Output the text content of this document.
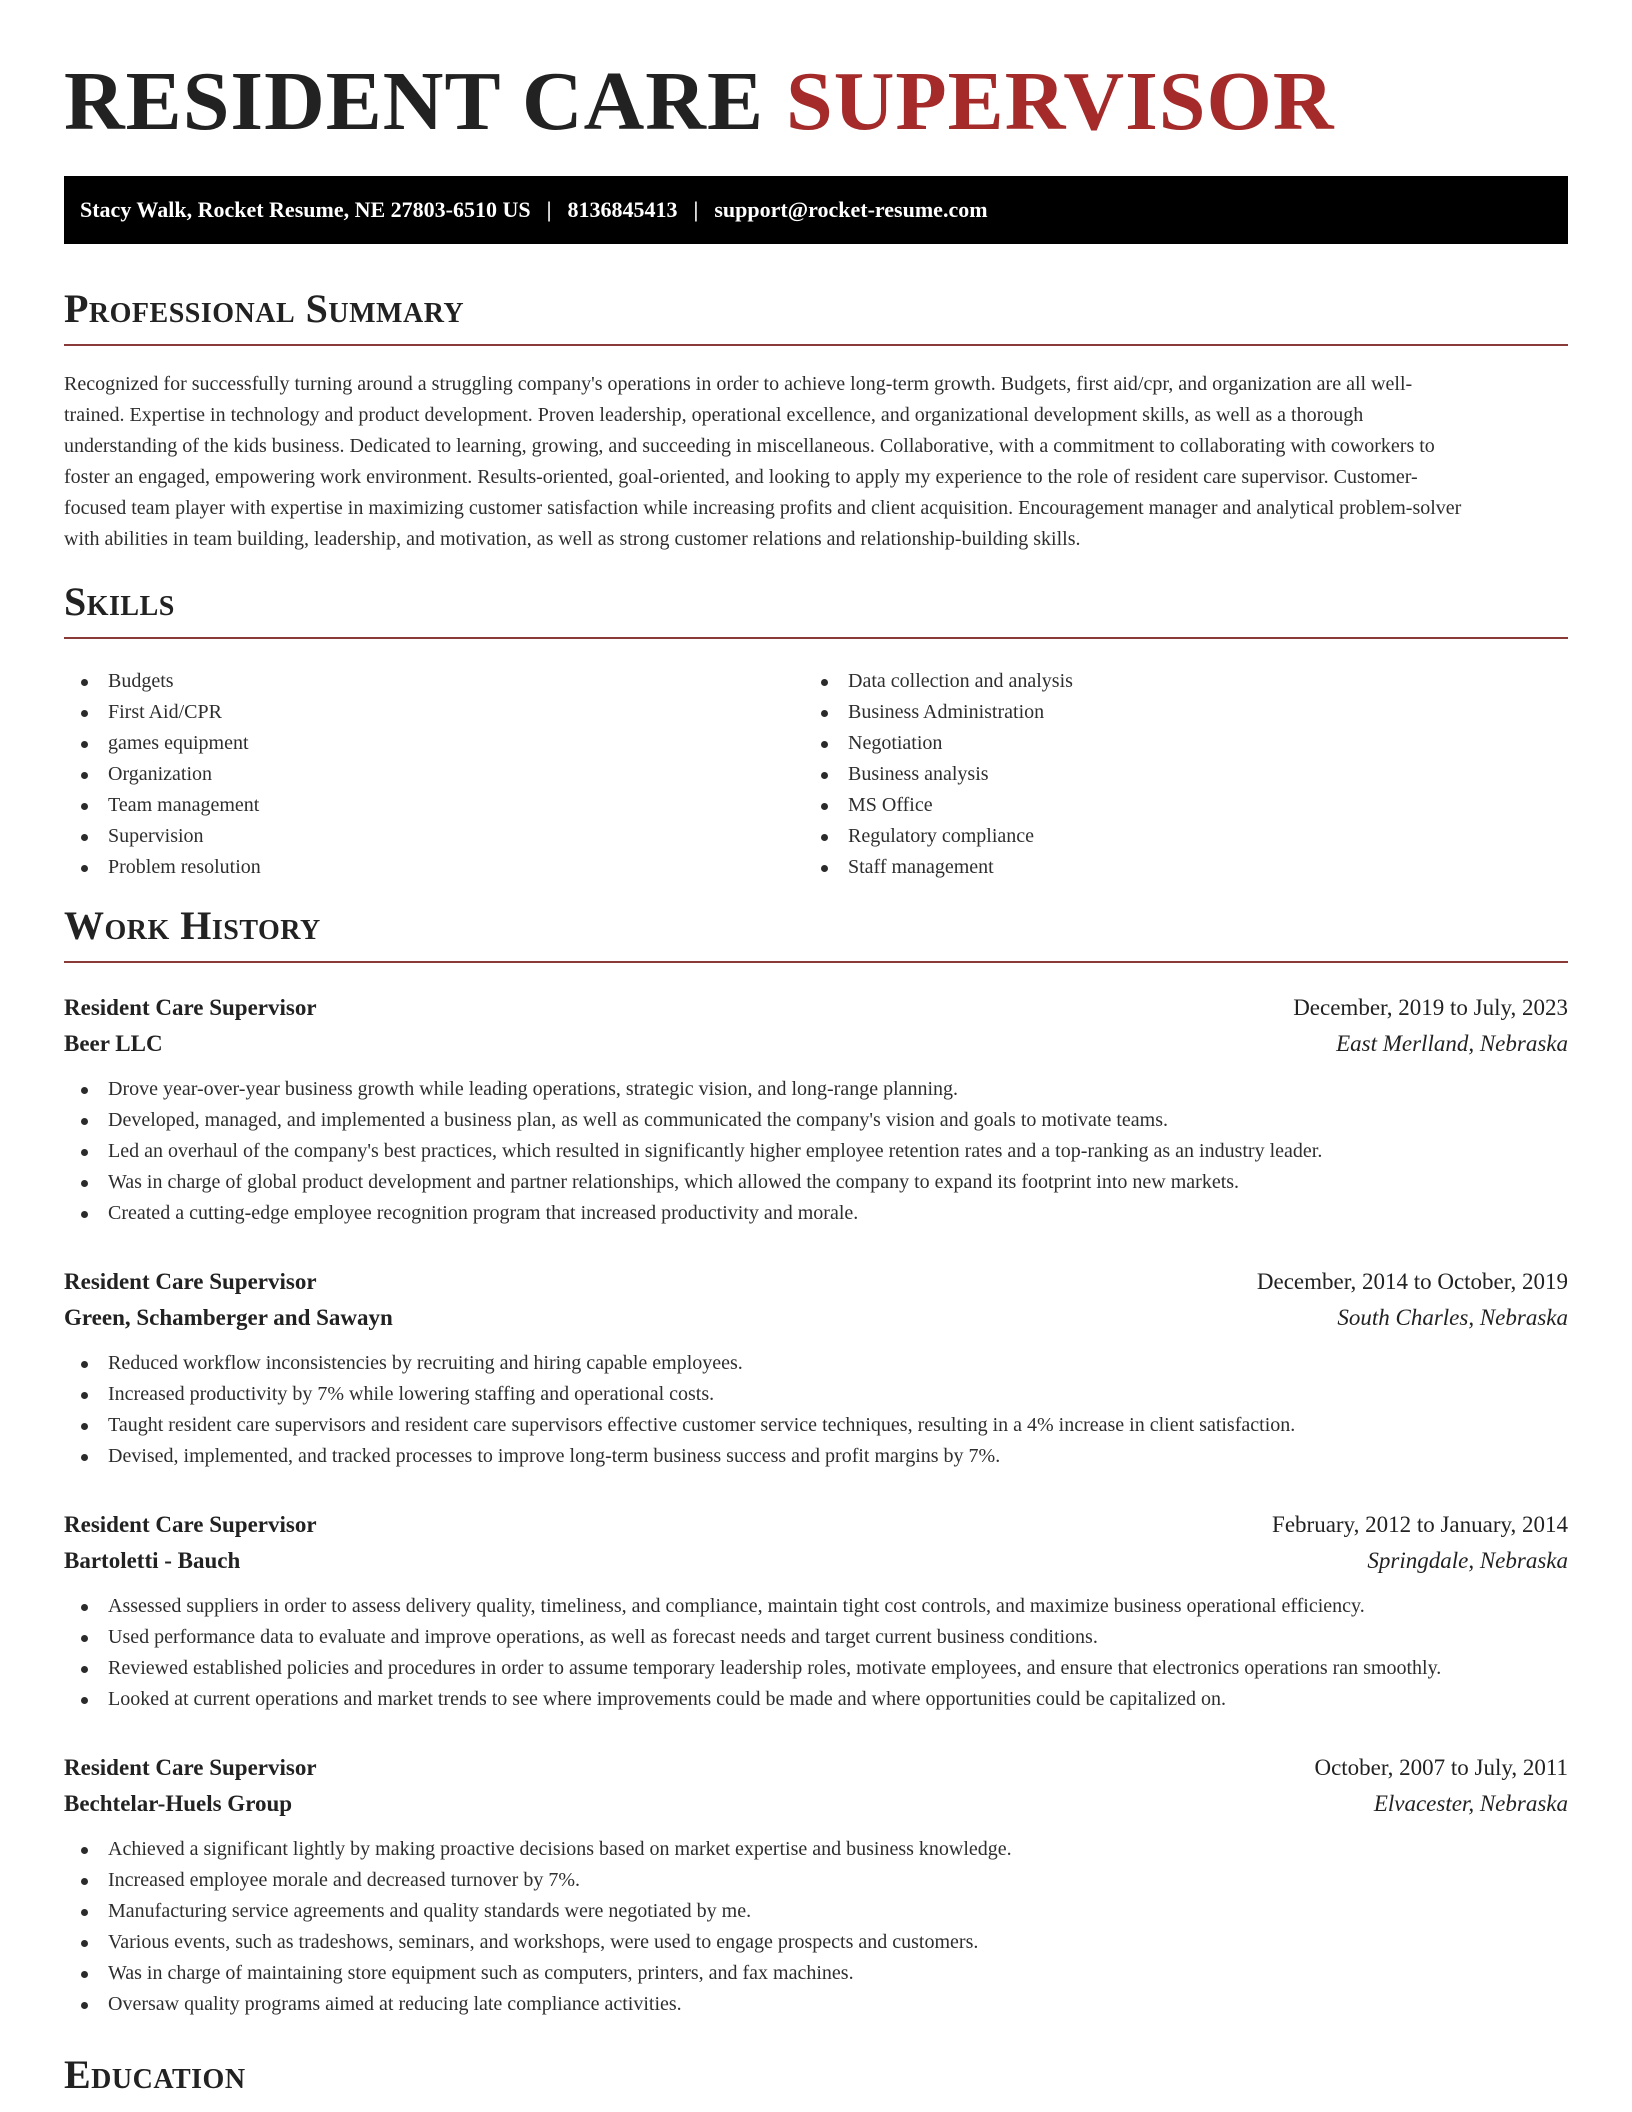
RESIDENT CARE SUPERVISOR
Stacy Walk, Rocket Resume, NE 27803-6510 US | 8136845413 | support@rocket-resume.com
Professional Summary
Recognized for successfully turning around a struggling company's operations in order to achieve long-term growth. Budgets, first aid/cpr, and organization are all well-
trained. Expertise in technology and product development. Proven leadership, operational excellence, and organizational development skills, as well as a thorough
understanding of the kids business. Dedicated to learning, growing, and succeeding in miscellaneous. Collaborative, with a commitment to collaborating with coworkers to
foster an engaged, empowering work environment. Results-oriented, goal-oriented, and looking to apply my experience to the role of resident care supervisor. Customer-
focused team player with expertise in maximizing customer satisfaction while increasing profits and client acquisition. Encouragement manager and analytical problem-solver
with abilities in team building, leadership, and motivation, as well as strong customer relations and relationship-building skills.
Skills
Budgets
First Aid/CPR
games equipment
Organization
Team management
Supervision
Problem resolution
Data collection and analysis
Business Administration
Negotiation
Business analysis
MS Office
Regulatory compliance
Staff management
Work History
Resident Care Supervisor	December, 2019 to July, 2023
Beer LLC	East Merlland, Nebraska
Drove year-over-year business growth while leading operations, strategic vision, and long-range planning.
Developed, managed, and implemented a business plan, as well as communicated the company's vision and goals to motivate teams.
Led an overhaul of the company's best practices, which resulted in significantly higher employee retention rates and a top-ranking as an industry leader.
Was in charge of global product development and partner relationships, which allowed the company to expand its footprint into new markets.
Created a cutting-edge employee recognition program that increased productivity and morale.
Resident Care Supervisor	December, 2014 to October, 2019
Green, Schamberger and Sawayn	South Charles, Nebraska
Reduced workflow inconsistencies by recruiting and hiring capable employees.
Increased productivity by 7% while lowering staffing and operational costs.
Taught resident care supervisors and resident care supervisors effective customer service techniques, resulting in a 4% increase in client satisfaction.
Devised, implemented, and tracked processes to improve long-term business success and profit margins by 7%.
Resident Care Supervisor	February, 2012 to January, 2014
Bartoletti - Bauch	Springdale, Nebraska
Assessed suppliers in order to assess delivery quality, timeliness, and compliance, maintain tight cost controls, and maximize business operational efficiency.
Used performance data to evaluate and improve operations, as well as forecast needs and target current business conditions.
Reviewed established policies and procedures in order to assume temporary leadership roles, motivate employees, and ensure that electronics operations ran smoothly.
Looked at current operations and market trends to see where improvements could be made and where opportunities could be capitalized on.
Resident Care Supervisor	October, 2007 to July, 2011
Bechtelar-Huels Group	Elvacester, Nebraska
Achieved a significant lightly by making proactive decisions based on market expertise and business knowledge.
Increased employee morale and decreased turnover by 7%.
Manufacturing service agreements and quality standards were negotiated by me.
Various events, such as tradeshows, seminars, and workshops, were used to engage prospects and customers.
Was in charge of maintaining store equipment such as computers, printers, and fax machines.
Oversaw quality programs aimed at reducing late compliance activities.
Education
